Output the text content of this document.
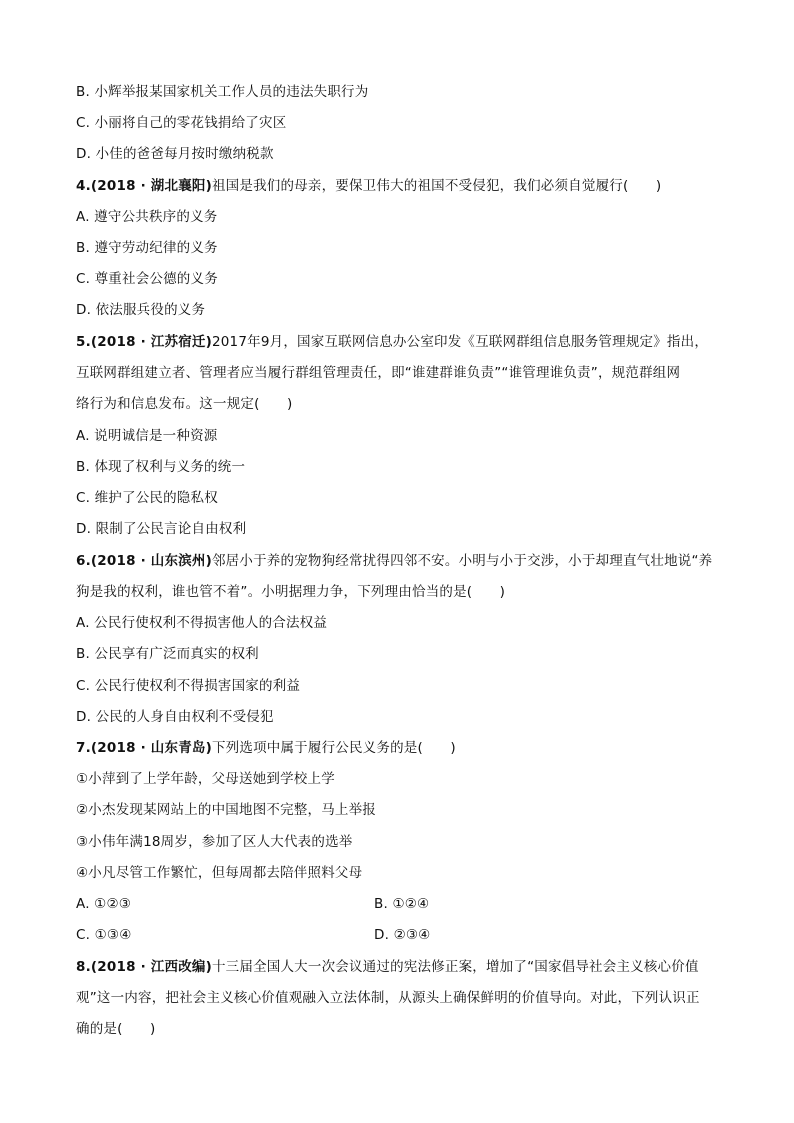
B. 小辉举报某国家机关工作人员的违法失职行为
C. 小丽将自己的零花钱捐给了灾区
D. 小佳的爸爸每月按时缴纳税款
4.(2018 · 湖北襄阳)祖国是我们的母亲，要保卫伟大的祖国不受侵犯，我们必须自觉履行(　　)
A. 遵守公共秩序的义务
B. 遵守劳动纪律的义务
C. 尊重社会公德的义务
D. 依法服兵役的义务
5.(2018 · 江苏宿迁)2017年9月，国家互联网信息办公室印发《互联网群组信息服务管理规定》指出，
互联网群组建立者、管理者应当履行群组管理责任，即“谁建群谁负责”“谁管理谁负责”，规范群组网
络行为和信息发布。这一规定(　　)
A. 说明诚信是一种资源
B. 体现了权利与义务的统一
C. 维护了公民的隐私权
D. 限制了公民言论自由权利
6.(2018 · 山东滨州)邻居小于养的宠物狗经常扰得四邻不安。小明与小于交涉，小于却理直气壮地说“养
狗是我的权利，谁也管不着”。小明据理力争，下列理由恰当的是(　　)
A. 公民行使权利不得损害他人的合法权益
B. 公民享有广泛而真实的权利
C. 公民行使权利不得损害国家的利益
D. 公民的人身自由权利不受侵犯
7.(2018 · 山东青岛)下列选项中属于履行公民义务的是(　　)
①小萍到了上学年龄，父母送她到学校上学
②小杰发现某网站上的中国地图不完整，马上举报
③小伟年满18周岁，参加了区人大代表的选举
④小凡尽管工作繁忙，但每周都去陪伴照料父母
A. ①②③	B. ①②④
C. ①③④	D. ②③④
8.(2018 · 江西改编)十三届全国人大一次会议通过的宪法修正案，增加了“国家倡导社会主义核心价值
观”这一内容，把社会主义核心价值观融入立法体制，从源头上确保鲜明的价值导向。对此，下列认识正
确的是(　　)
